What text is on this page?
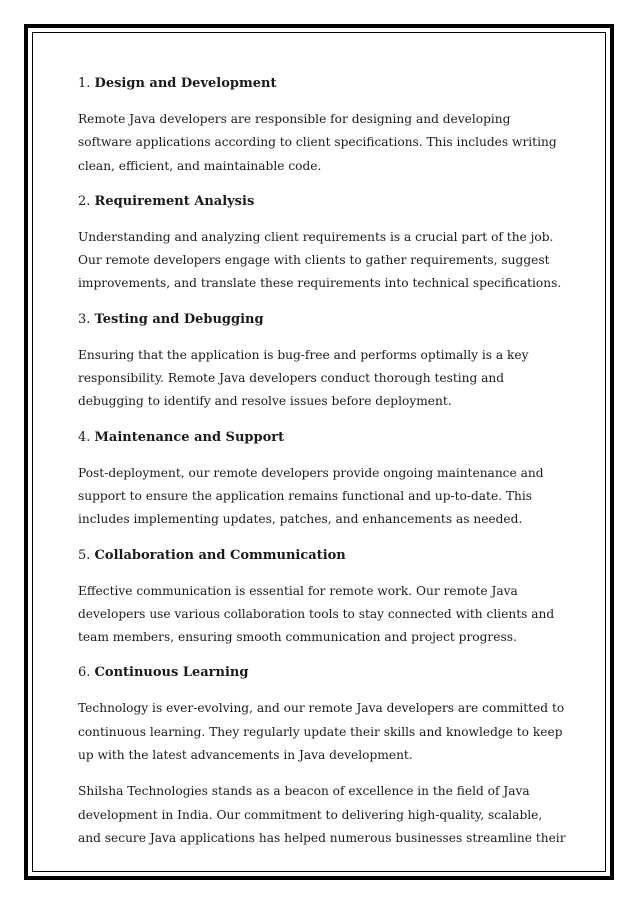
1. Design and Development

Remote Java developers are responsible for designing and developing software applications according to client specifications. This includes writing clean, efficient, and maintainable code.

2. Requirement Analysis

Understanding and analyzing client requirements is a crucial part of the job. Our remote developers engage with clients to gather requirements, suggest improvements, and translate these requirements into technical specifications.

3. Testing and Debugging

Ensuring that the application is bug-free and performs optimally is a key responsibility. Remote Java developers conduct thorough testing and debugging to identify and resolve issues before deployment.

4. Maintenance and Support

Post-deployment, our remote developers provide ongoing maintenance and support to ensure the application remains functional and up-to-date. This includes implementing updates, patches, and enhancements as needed.

5. Collaboration and Communication

Effective communication is essential for remote work. Our remote Java developers use various collaboration tools to stay connected with clients and team members, ensuring smooth communication and project progress.

6. Continuous Learning

Technology is ever-evolving, and our remote Java developers are committed to continuous learning. They regularly update their skills and knowledge to keep up with the latest advancements in Java development.

Shilsha Technologies stands as a beacon of excellence in the field of Java development in India. Our commitment to delivering high-quality, scalable, and secure Java applications has helped numerous businesses streamline their
